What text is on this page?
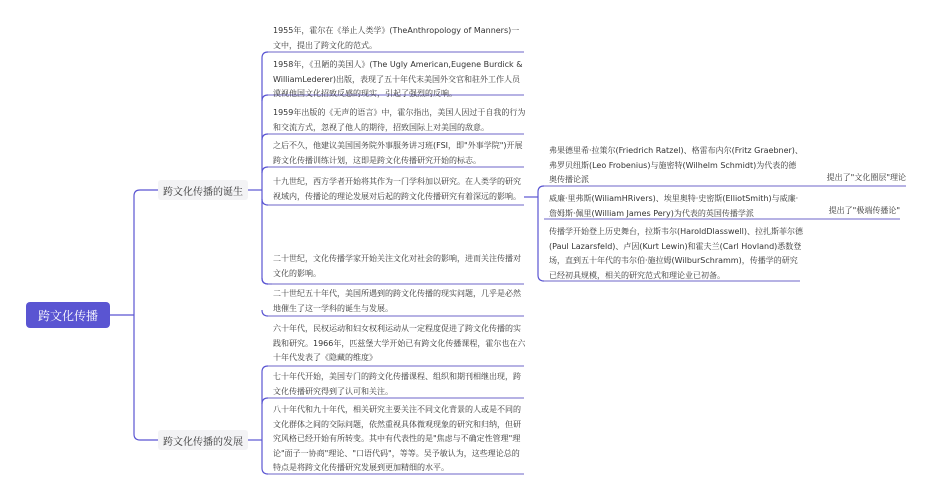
跨文化传播
跨文化传播的诞生
跨文化传播的发展
1955年，霍尔在《举止人类学》(TheAnthropology of Manners)一文中，提出了跨文化的范式。
1958年，《丑陋的美国人》(The Ugly American,Eugene Burdick & WilliamLederer)出版，表现了五十年代末美国外交官和驻外工作人员漠视他国文化招致反感的现实，引起了强烈的反响。
1959年出版的《无声的语言》中，霍尔指出，美国人因过于自我的行为和交流方式，忽视了他人的期待，招致国际上对美国的敌意。
之后不久，他建议美国国务院外事服务讲习班(FSI，即"外事学院")开展跨文化传播训练计划，这即是跨文化传播研究开始的标志。
十九世纪，西方学者开始将其作为一门学科加以研究。在人类学的研究视域内，传播论的理论发展对后起的跨文化传播研究有着深远的影响。
二十世纪，文化传播学家开始关注文化对社会的影响，进而关注传播对文化的影响。
二十世纪五十年代，美国所遇到的跨文化传播的现实问题，几乎是必然地催生了这一学科的诞生与发展。
弗果德里希·拉策尔(Friedrich Ratzel)、格雷布内尔(Fritz Graebner)、弗罗贝纽斯(Leo Frobenius)与施密特(Wilhelm Schmidt)为代表的德奥传播论派
威廉·里弗斯(WiliamHRivers)、埃里奥特·史密斯(ElliotSmith)与威廉·詹姆斯·佩里(William James Pery)为代表的英国传播学派
传播学开始登上历史舞台，拉斯韦尔(HaroldDlasswell)、拉扎斯菲尔德(Paul Lazarsfeld)、卢因(Kurt Lewin)和霍夫兰(Carl Hovland)悉数登场，直到五十年代的韦尔伯·施拉姆(WilburSchramm)，传播学的研究已经初具规模，相关的研究范式和理论业已初备。
提出了"文化圈层"理论
提出了"极端传播论"
六十年代，民权运动和妇女权利运动从一定程度促进了跨文化传播的实践和研究。1966年，匹兹堡大学开始已有跨文化传播课程，霍尔也在六十年代发表了《隐藏的维度》
七十年代开始，美国专门的跨文化传播课程、组织和期刊相继出现，跨文化传播研究得到了认可和关注。
八十年代和九十年代，相关研究主要关注不同文化背景的人或是不同的文化群体之间的交际问题，依然重视具体微观现象的研究和归纳，但研究风格已经开始有所转变。其中有代表性的是"焦虑与不确定性管理"理论"面子一协商"理论、"口语代码"，等等。吴予敏认为，这些理论总的特点是将跨文化传播研究发展到更加精细的水平。
